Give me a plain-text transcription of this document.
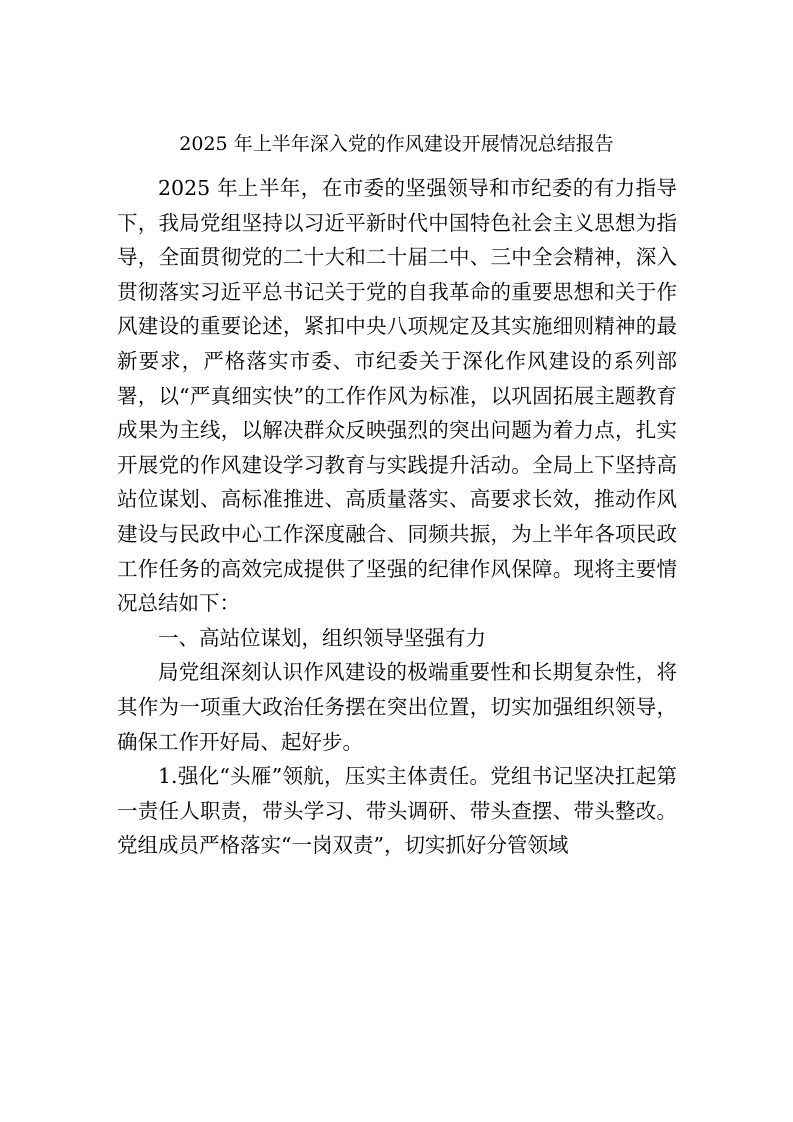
2025 年上半年深入党的作风建设开展情况总结报告

2025 年上半年，在市委的坚强领导和市纪委的有力指导下，我局党组坚持以习近平新时代中国特色社会主义思想为指导，全面贯彻党的二十大和二十届二中、三中全会精神，深入贯彻落实习近平总书记关于党的自我革命的重要思想和关于作风建设的重要论述，紧扣中央八项规定及其实施细则精神的最新要求，严格落实市委、市纪委关于深化作风建设的系列部署，以“严真细实快”的工作作风为标准，以巩固拓展主题教育成果为主线，以解决群众反映强烈的突出问题为着力点，扎实开展党的作风建设学习教育与实践提升活动。全局上下坚持高站位谋划、高标准推进、高质量落实、高要求长效，推动作风建设与民政中心工作深度融合、同频共振，为上半年各项民政工作任务的高效完成提供了坚强的纪律作风保障。现将主要情况总结如下：

一、高站位谋划，组织领导坚强有力

局党组深刻认识作风建设的极端重要性和长期复杂性，将其作为一项重大政治任务摆在突出位置，切实加强组织领导，确保工作开好局、起好步。

1.强化“头雁”领航，压实主体责任。党组书记坚决扛起第一责任人职责，带头学习、带头调研、带头查摆、带头整改。党组成员严格落实“一岗双责”，切实抓好分管领域
